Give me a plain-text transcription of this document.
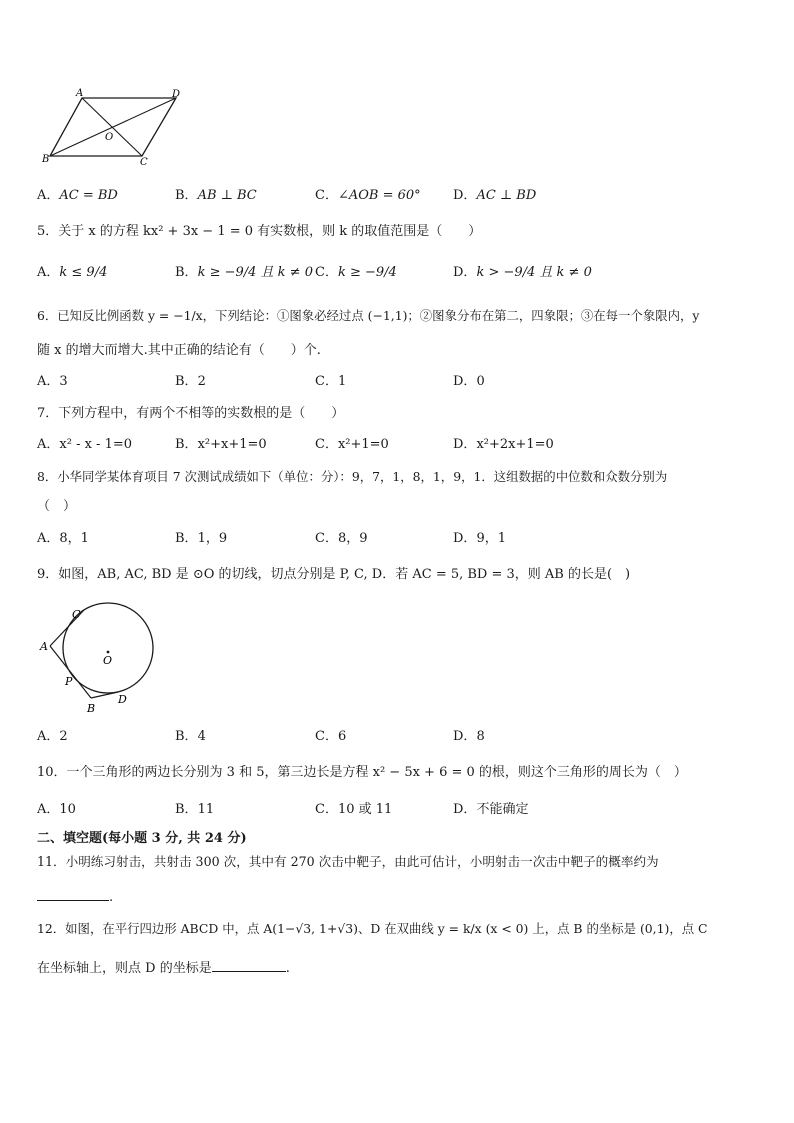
A	D
B	C
O
A．AC = BD	B．AB ⊥ BC	C．∠AOB = 60° D．AC ⊥ BD
5．关于 x 的方程 kx² + 3x − 1 = 0 有实数根，则 k 的取值范围是（　　）
A．k ≤ 9/4	B．k ≥ −9/4 且 k ≠ 0 C．k ≥ −9/4	D．k > −9/4 且 k ≠ 0
6．已知反比例函数 y = −1/x，下列结论：①图象必经过点 (−1,1)；②图象分布在第二，四象限；③在每一个象限内，y
随 x 的增大而增大.其中正确的结论有（　　）个.
A．3	B．2	C．1	D．0
7．下列方程中，有两个不相等的实数根的是（　　）
A．x² - x - 1=0	B．x²+x+1=0	C．x²+1=0	D．x²+2x+1=0
8．小华同学某体育项目 7 次测试成绩如下（单位：分）：9，7，1，8，1，9，1．这组数据的中位数和众数分别为
（　）
A．8，1	B．1，9	C．8，9	D．9，1
9．如图，AB, AC, BD 是 ⊙O 的切线，切点分别是 P, C, D．若 AC = 5, BD = 3，则 AB 的长是(　)
C
A
O
P
B
D
A．2	B．4	C．6	D．8
10．一个三角形的两边长分别为 3 和 5，第三边长是方程 x² − 5x + 6 = 0 的根，则这个三角形的周长为（　）
A．10	B．11	C．10 或 11	D．不能确定
二、填空题(每小题 3 分, 共 24 分)
11．小明练习射击，共射击 300 次，其中有 270 次击中靶子，由此可估计，小明射击一次击中靶子的概率约为
.
12．如图，在平行四边形 ABCD 中，点 A(1−√3, 1+√3)、D 在双曲线 y = k/x (x < 0) 上，点 B 的坐标是 (0,1)，点 C
在坐标轴上，则点 D 的坐标是	.
